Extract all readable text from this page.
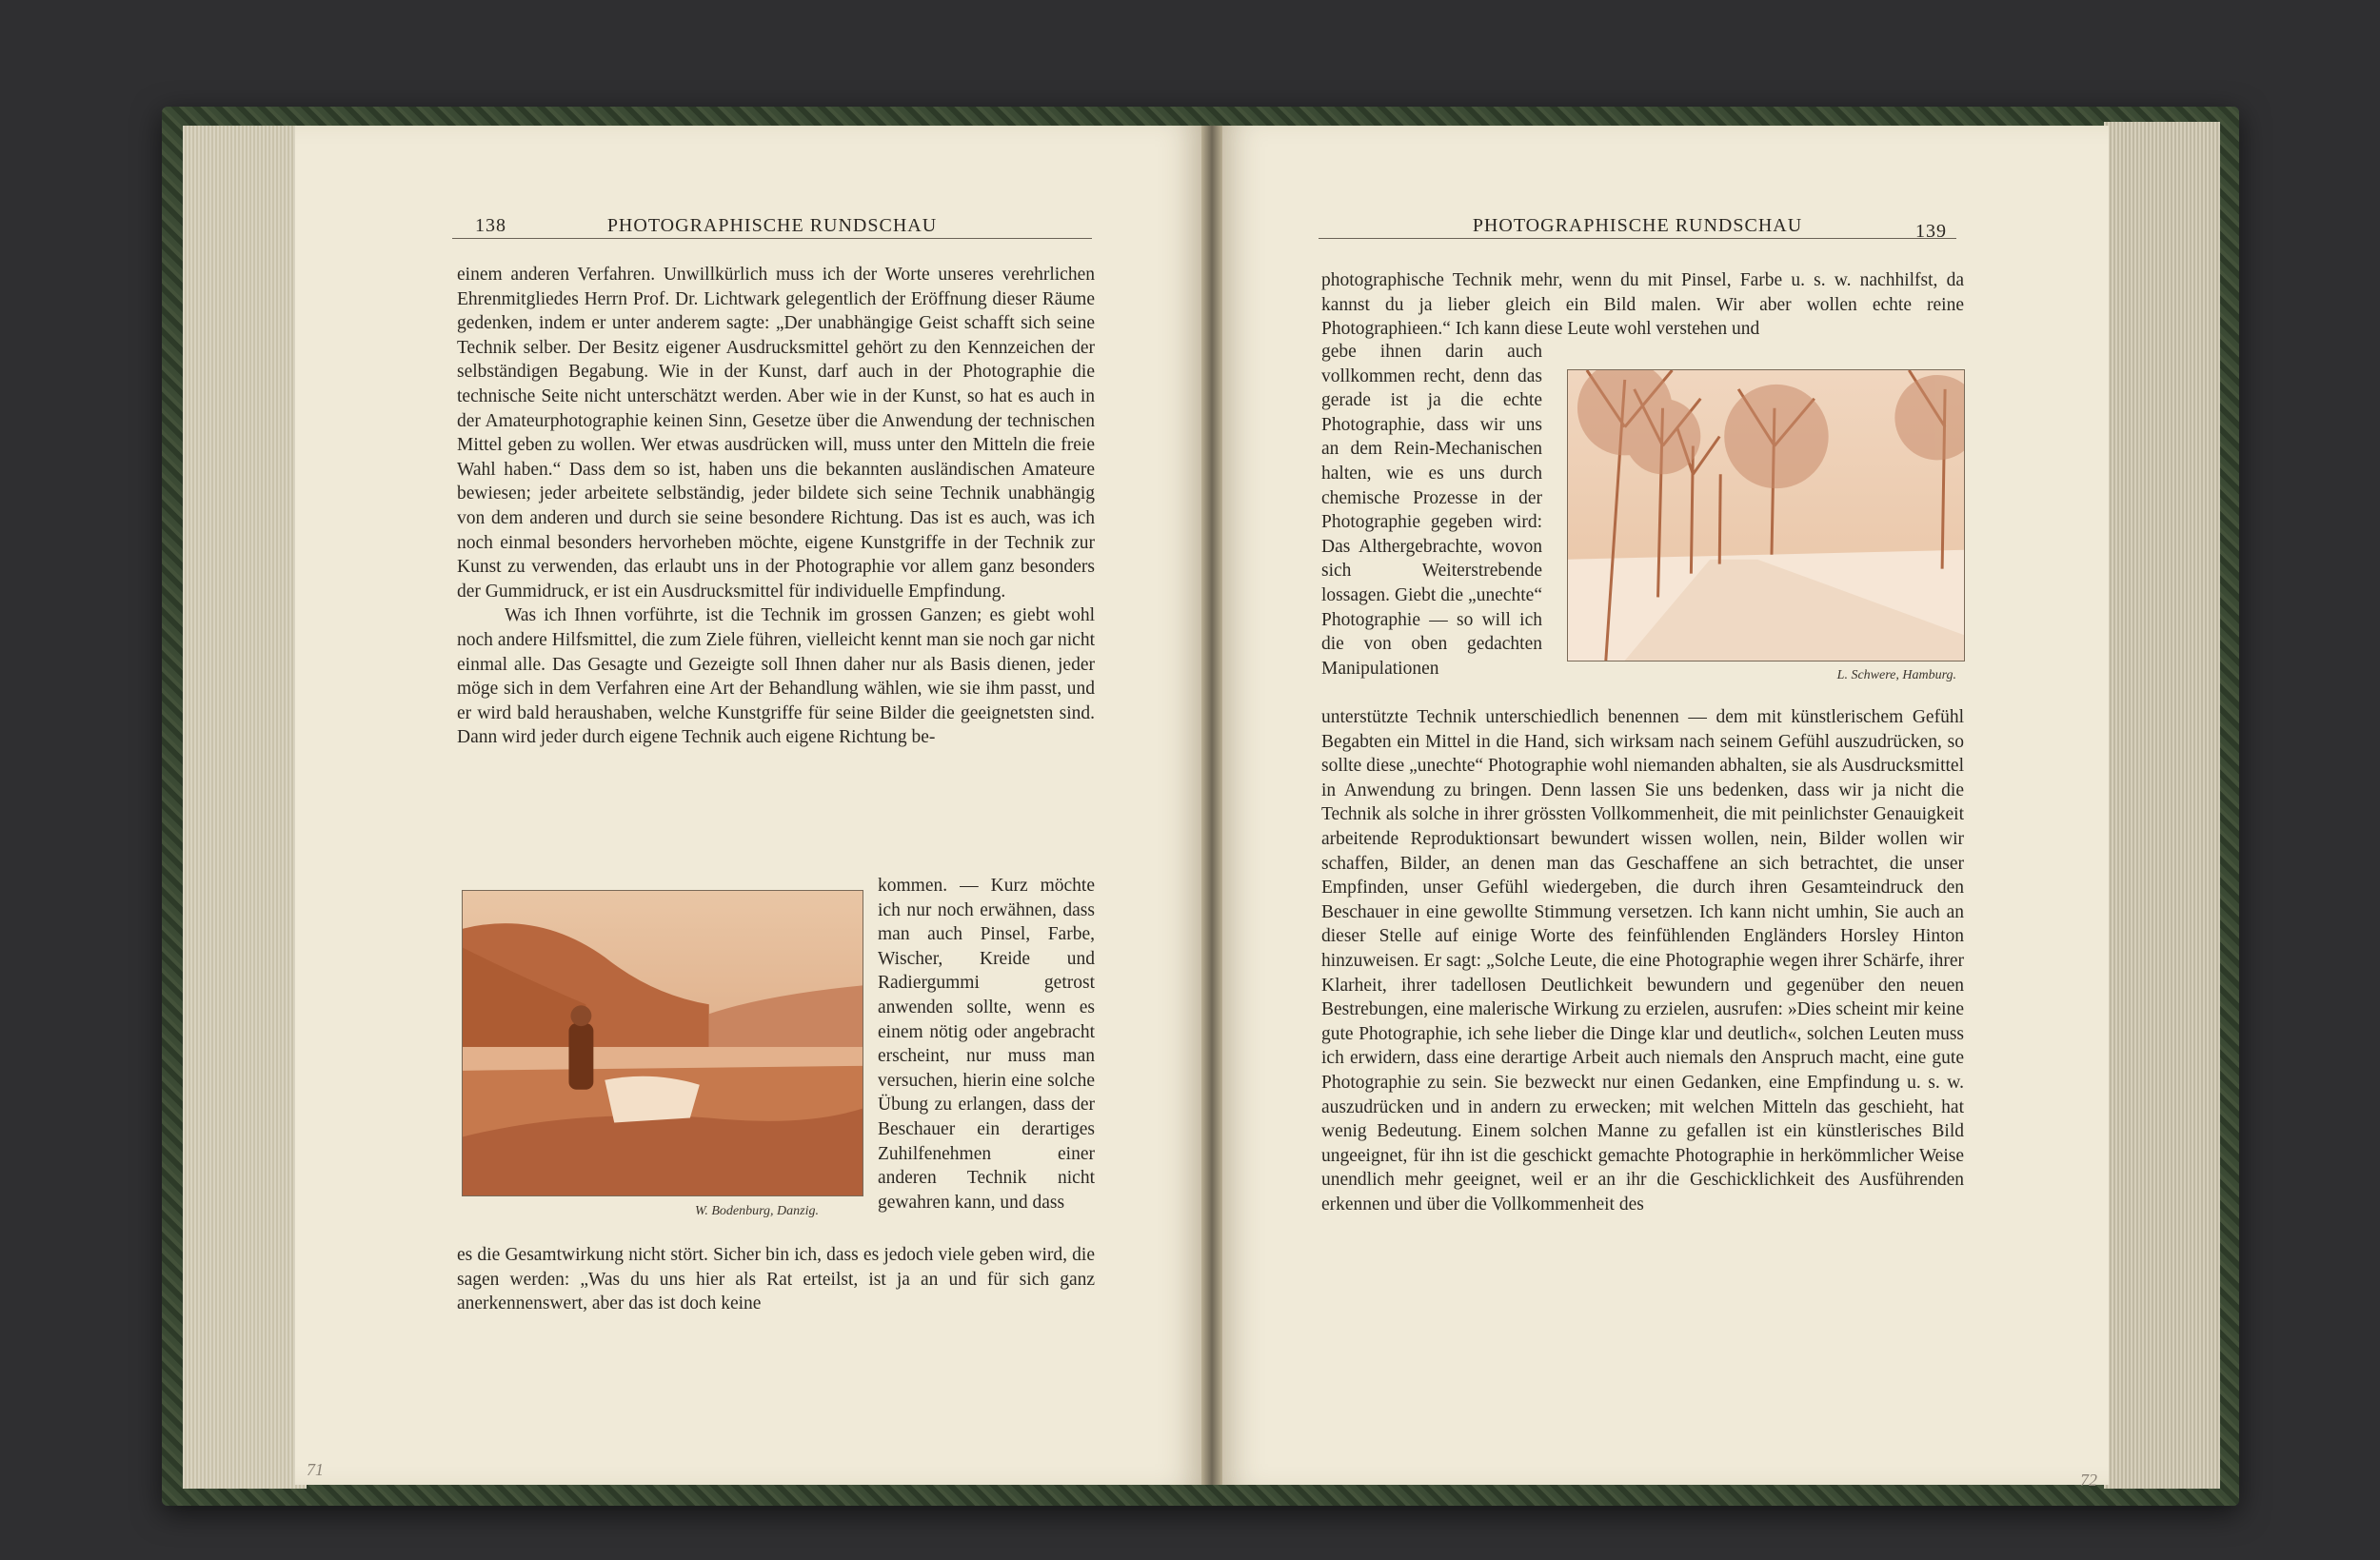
138	PHOTOGRAPHISCHE RUNDSCHAU

einem anderen Verfahren. Unwillkürlich muss ich der Worte unseres verehrlichen Ehrenmitgliedes Herrn Prof. Dr. Lichtwark gelegentlich der Eröffnung dieser Räume gedenken, indem er unter anderem sagte: „Der unabhängige Geist schafft sich seine Technik selber. Der Besitz eigener Ausdrucksmittel gehört zu den Kennzeichen der selbständigen Begabung. Wie in der Kunst, darf auch in der Photographie die technische Seite nicht unterschätzt werden. Aber wie in der Kunst, so hat es auch in der Amateurphotographie keinen Sinn, Gesetze über die Anwendung der technischen Mittel geben zu wollen. Wer etwas ausdrücken will, muss unter den Mitteln die freie Wahl haben.“ Dass dem so ist, haben uns die bekannten ausländischen Amateure bewiesen; jeder arbeitete selbständig, jeder bildete sich seine Technik unabhängig von dem anderen und durch sie seine besondere Richtung. Das ist es auch, was ich noch einmal besonders hervorheben möchte, eigene Kunstgriffe in der Technik zur Kunst zu verwenden, das erlaubt uns in der Photographie vor allem ganz besonders der Gummidruck, er ist ein Ausdrucksmittel für individuelle Empfindung.

Was ich Ihnen vorführte, ist die Technik im grossen Ganzen; es giebt wohl noch andere Hilfsmittel, die zum Ziele führen, vielleicht kennt man sie noch gar nicht einmal alle. Das Gesagte und Gezeigte soll Ihnen daher nur als Basis dienen, jeder möge sich in dem Verfahren eine Art der Behandlung wählen, wie sie ihm passt, und er wird bald heraushaben, welche Kunstgriffe für seine Bilder die geeignetsten sind. Dann wird jeder durch eigene Technik auch eigene Richtung be-

W. Bodenburg, Danzig.
kommen. — Kurz möchte ich nur noch erwähnen, dass man auch Pinsel, Farbe, Wischer, Kreide und Radiergummi getrost anwenden sollte, wenn es einem nötig oder angebracht erscheint, nur muss man versuchen, hierin eine solche Übung zu erlangen, dass der Beschauer ein derartiges Zuhilfenehmen einer anderen Technik nicht gewahren kann, und dass
es die Gesamtwirkung nicht stört. Sicher bin ich, dass es jedoch viele geben wird, die sagen werden: „Was du uns hier als Rat erteilst, ist ja an und für sich ganz anerkennenswert, aber das ist doch keine
71
PHOTOGRAPHISCHE RUNDSCHAU	139
photographische Technik mehr, wenn du mit Pinsel, Farbe u. s. w. nachhilfst, da kannst du ja lieber gleich ein Bild malen. Wir aber wollen echte reine Photographieen.“ Ich kann diese Leute wohl verstehen und
gebe ihnen darin auch vollkommen recht, denn das gerade ist ja die echte Photographie, dass wir uns an dem Rein-Mechanischen halten, wie es uns durch chemische Prozesse in der Photographie gegeben wird: Das Althergebrachte, wovon sich Weiterstrebende lossagen. Giebt die „unechte“ Photographie — so will ich die von oben gedachten Manipulationen	L. Schwere, Hamburg.
unterstützte Technik unterschiedlich benennen — dem mit künstlerischem Gefühl Begabten ein Mittel in die Hand, sich wirksam nach seinem Gefühl auszudrücken, so sollte diese „unechte“ Photographie wohl niemanden abhalten, sie als Ausdrucksmittel in Anwendung zu bringen. Denn lassen Sie uns bedenken, dass wir ja nicht die Technik als solche in ihrer grössten Vollkommenheit, die mit peinlichster Genauigkeit arbeitende Reproduktionsart bewundert wissen wollen, nein, Bilder wollen wir schaffen, Bilder, an denen man das Geschaffene an sich betrachtet, die unser Empfinden, unser Gefühl wiedergeben, die durch ihren Gesamteindruck den Beschauer in eine gewollte Stimmung versetzen. Ich kann nicht umhin, Sie auch an dieser Stelle auf einige Worte des feinfühlenden Engländers Horsley Hinton hinzuweisen. Er sagt: „Solche Leute, die eine Photographie wegen ihrer Schärfe, ihrer Klarheit, ihrer tadellosen Deutlichkeit bewundern und gegenüber den neuen Bestrebungen, eine malerische Wirkung zu erzielen, ausrufen: »Dies scheint mir keine gute Photographie, ich sehe lieber die Dinge klar und deutlich«, solchen Leuten muss ich erwidern, dass eine derartige Arbeit auch niemals den Anspruch macht, eine gute Photographie zu sein. Sie bezweckt nur einen Gedanken, eine Empfindung u. s. w. auszudrücken und in andern zu erwecken; mit welchen Mitteln das geschieht, hat wenig Bedeutung. Einem solchen Manne zu gefallen ist ein künstlerisches Bild ungeeignet, für ihn ist die geschickt gemachte Photographie in herkömmlicher Weise unendlich mehr geeignet, weil er an ihr die Geschicklichkeit des Ausführenden erkennen und über die Vollkommenheit des
72
